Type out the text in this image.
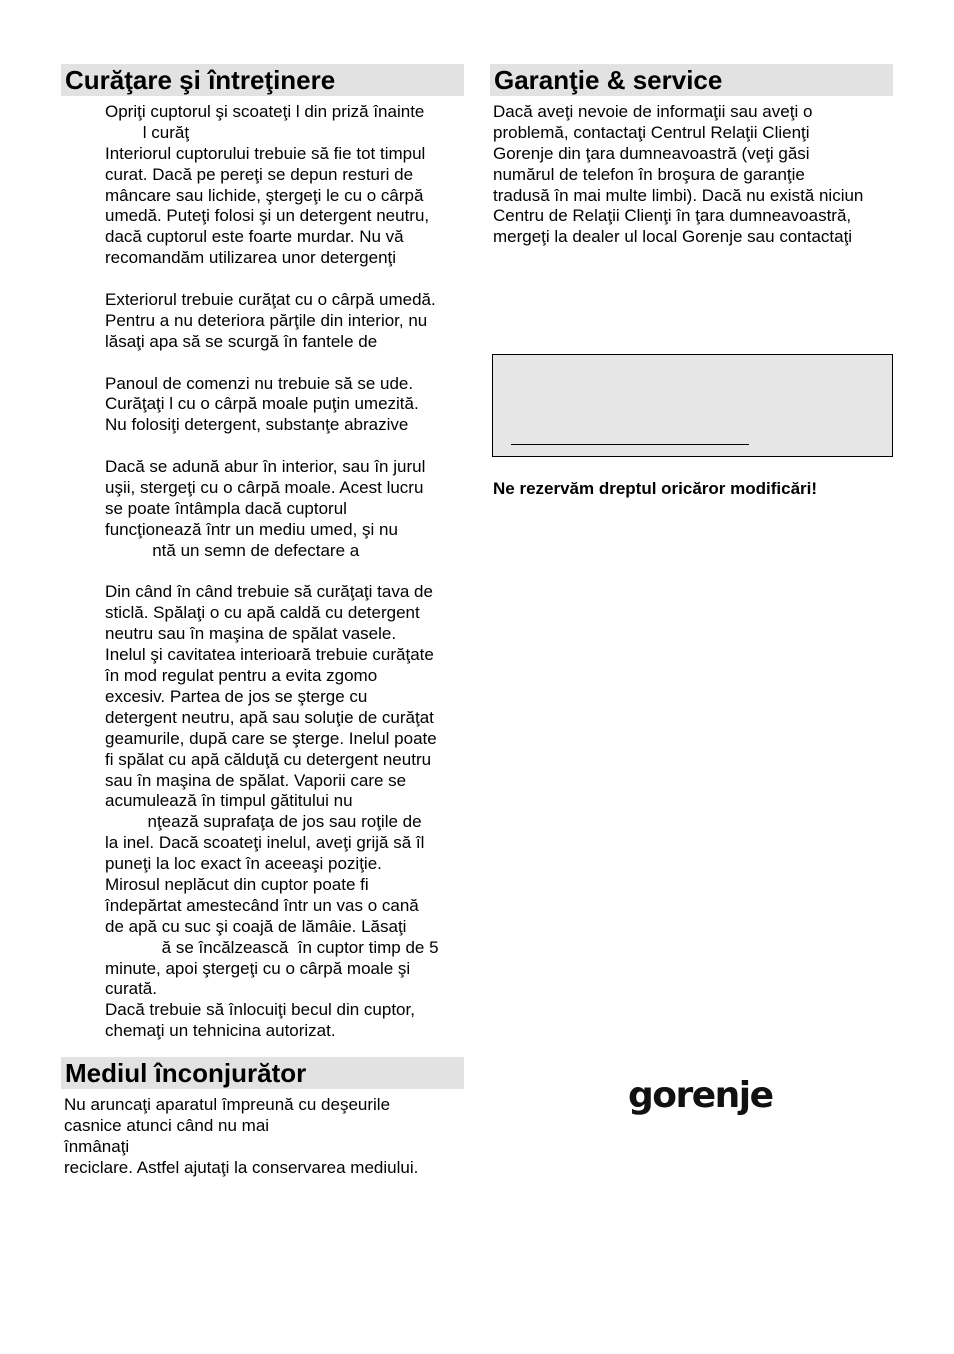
Curăţare şi întreţinere
Opriţi cuptorul şi scoateţi l din priză înainte
l curăţ
Interiorul cuptorului trebuie să fie tot timpul
curat. Dacă pe pereţi se depun resturi de
mâncare sau lichide, ştergeţi le cu o cârpă
umedă. Puteţi folosi şi un detergent neutru,
dacă cuptorul este foarte murdar. Nu vă
recomandăm utilizarea unor detergenţi
Exteriorul trebuie curăţat cu o cârpă umedă.
Pentru a nu deteriora părţile din interior, nu
lăsaţi apa să se scurgă în fantele de
Panoul de comenzi nu trebuie să se ude.
Curăţaţi l cu o cârpă moale puţin umezită.
Nu folosiţi detergent, substanţe abrazive
Dacă se adună abur în interior, sau în jurul
uşii, stergeţi cu o cârpă moale. Acest lucru
se poate întâmpla dacă cuptorul
funcţionează într un mediu umed, şi nu
ntă un semn de defectare a
Din când în când trebuie să curăţaţi tava de
sticlă. Spălaţi o cu apă caldă cu detergent
neutru sau în maşina de spălat vasele.
Inelul şi cavitatea interioară trebuie curăţate
în mod regulat pentru a evita zgomo
excesiv. Partea de jos se şterge cu
detergent neutru, apă sau soluţie de curăţat
geamurile, după care se şterge. Inelul poate
fi spălat cu apă călduţă cu detergent neutru
sau în maşina de spălat. Vaporii care se
acumulează în timpul gătitului nu
nţează suprafaţa de jos sau roţile de
la inel. Dacă scoateţi inelul, aveţi grijă să îl
puneţi la loc exact în aceeaşi poziţie.
Mirosul neplăcut din cuptor poate fi
îndepărtat amestecând într un vas o cană
de apă cu suc şi coajă de lămâie. Lăsaţi
ă se încălzească  în cuptor timp de 5
minute, apoi ştergeţi cu o cârpă moale şi
curată.
Dacă trebuie să înlocuiţi becul din cuptor,
chemaţi un tehnicina autorizat.
Mediul înconjurător
Nu aruncaţi aparatul împreună cu deşeurile
casnice atunci când nu mai
înmânaţi
reciclare. Astfel ajutaţi la conservarea mediului.
Garanţie & service
Dacă aveţi nevoie de informaţii sau aveţi o
problemă, contactaţi Centrul Relaţii Clienţi
Gorenje din ţara dumneavoastră (veţi găsi
numărul de telefon în broşura de garanţie
tradusă în mai multe limbi). Dacă nu există niciun
Centru de Relaţii Clienţi în ţara dumneavoastră,
mergeţi la dealer ul local Gorenje sau contactaţi
Ne rezervăm dreptul oricăror modificări!
gorenje
